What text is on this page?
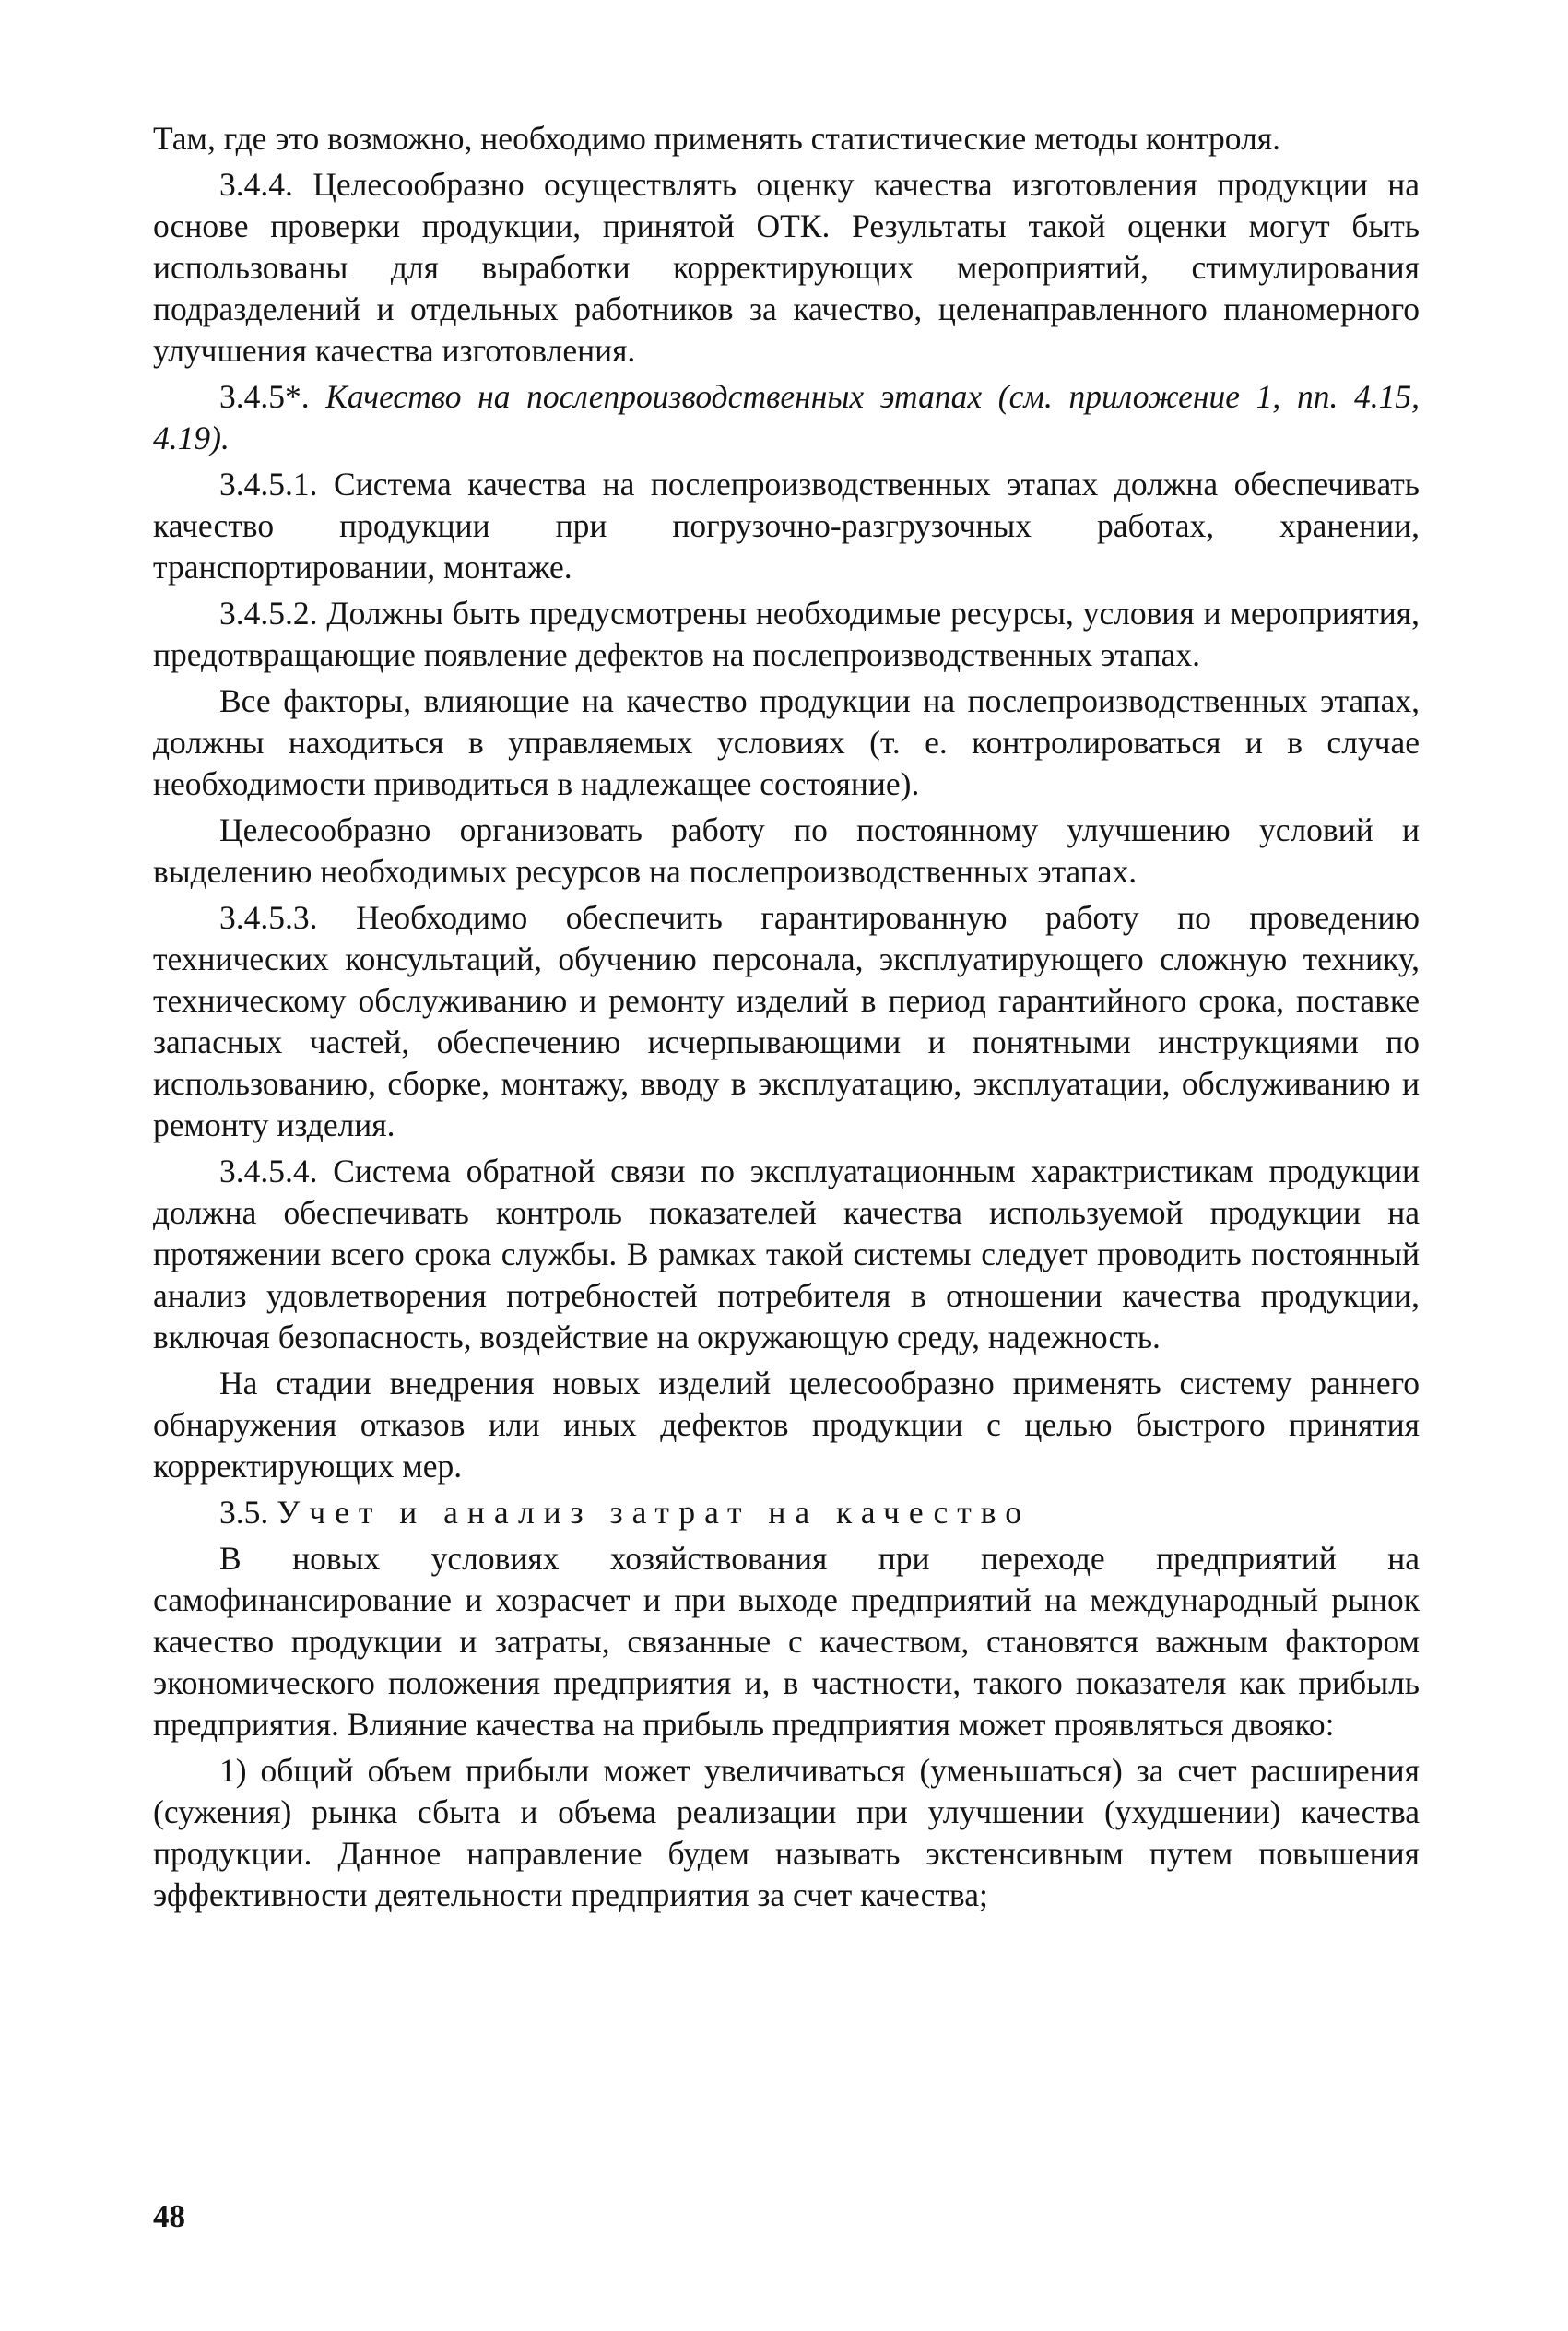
Там, где это возможно, необходимо применять статистические методы контроля.

3.4.4. Целесообразно осуществлять оценку качества изготовления продукции на основе проверки продукции, принятой ОТК. Результаты такой оценки могут быть использованы для выработки корректирующих мероприятий, стимулирования подразделений и отдельных работников за качество, целенаправленного планомерного улучшения качества изготовления.

3.4.5*. Качество на послепроизводственных этапах (см. приложение 1, пп. 4.15, 4.19).

3.4.5.1. Система качества на послепроизводственных этапах должна обеспечивать качество продукции при погрузочно-разгрузочных работах, хранении, транспортировании, монтаже.

3.4.5.2. Должны быть предусмотрены необходимые ресурсы, условия и мероприятия, предотвращающие появление дефектов на послепроизводственных этапах.

Все факторы, влияющие на качество продукции на послепроизводственных этапах, должны находиться в управляемых условиях (т. е. контролироваться и в случае необходимости приводиться в надлежащее состояние).

Целесообразно организовать работу по постоянному улучшению условий и выделению необходимых ресурсов на послепроизводственных этапах.

3.4.5.3. Необходимо обеспечить гарантированную работу по проведению технических консультаций, обучению персонала, эксплуатирующего сложную технику, техническому обслуживанию и ремонту изделий в период гарантийного срока, поставке запасных частей, обеспечению исчерпывающими и понятными инструкциями по использованию, сборке, монтажу, вводу в эксплуатацию, эксплуатации, обслуживанию и ремонту изделия.

3.4.5.4. Система обратной связи по эксплуатационным характристикам продукции должна обеспечивать контроль показателей качества используемой продукции на протяжении всего срока службы. В рамках такой системы следует проводить постоянный анализ удовлетворения потребностей потребителя в отношении качества продукции, включая безопасность, воздействие на окружающую среду, надежность.

На стадии внедрения новых изделий целесообразно применять систему раннего обнаружения отказов или иных дефектов продукции с целью быстрого принятия корректирующих мер.

3.5. Учет и анализ затрат на качество

В новых условиях хозяйствования при переходе предприятий на самофинансирование и хозрасчет и при выходе предприятий на международный рынок качество продукции и затраты, связанные с качеством, становятся важным фактором экономического положения предприятия и, в частности, такого показателя как прибыль предприятия. Влияние качества на прибыль предприятия может проявляться двояко:

1) общий объем прибыли может увеличиваться (уменьшаться) за счет расширения (сужения) рынка сбыта и объема реализации при улучшении (ухудшении) качества продукции. Данное направление будем называть экстенсивным путем повышения эффективности деятельности предприятия за счет качества;

48
